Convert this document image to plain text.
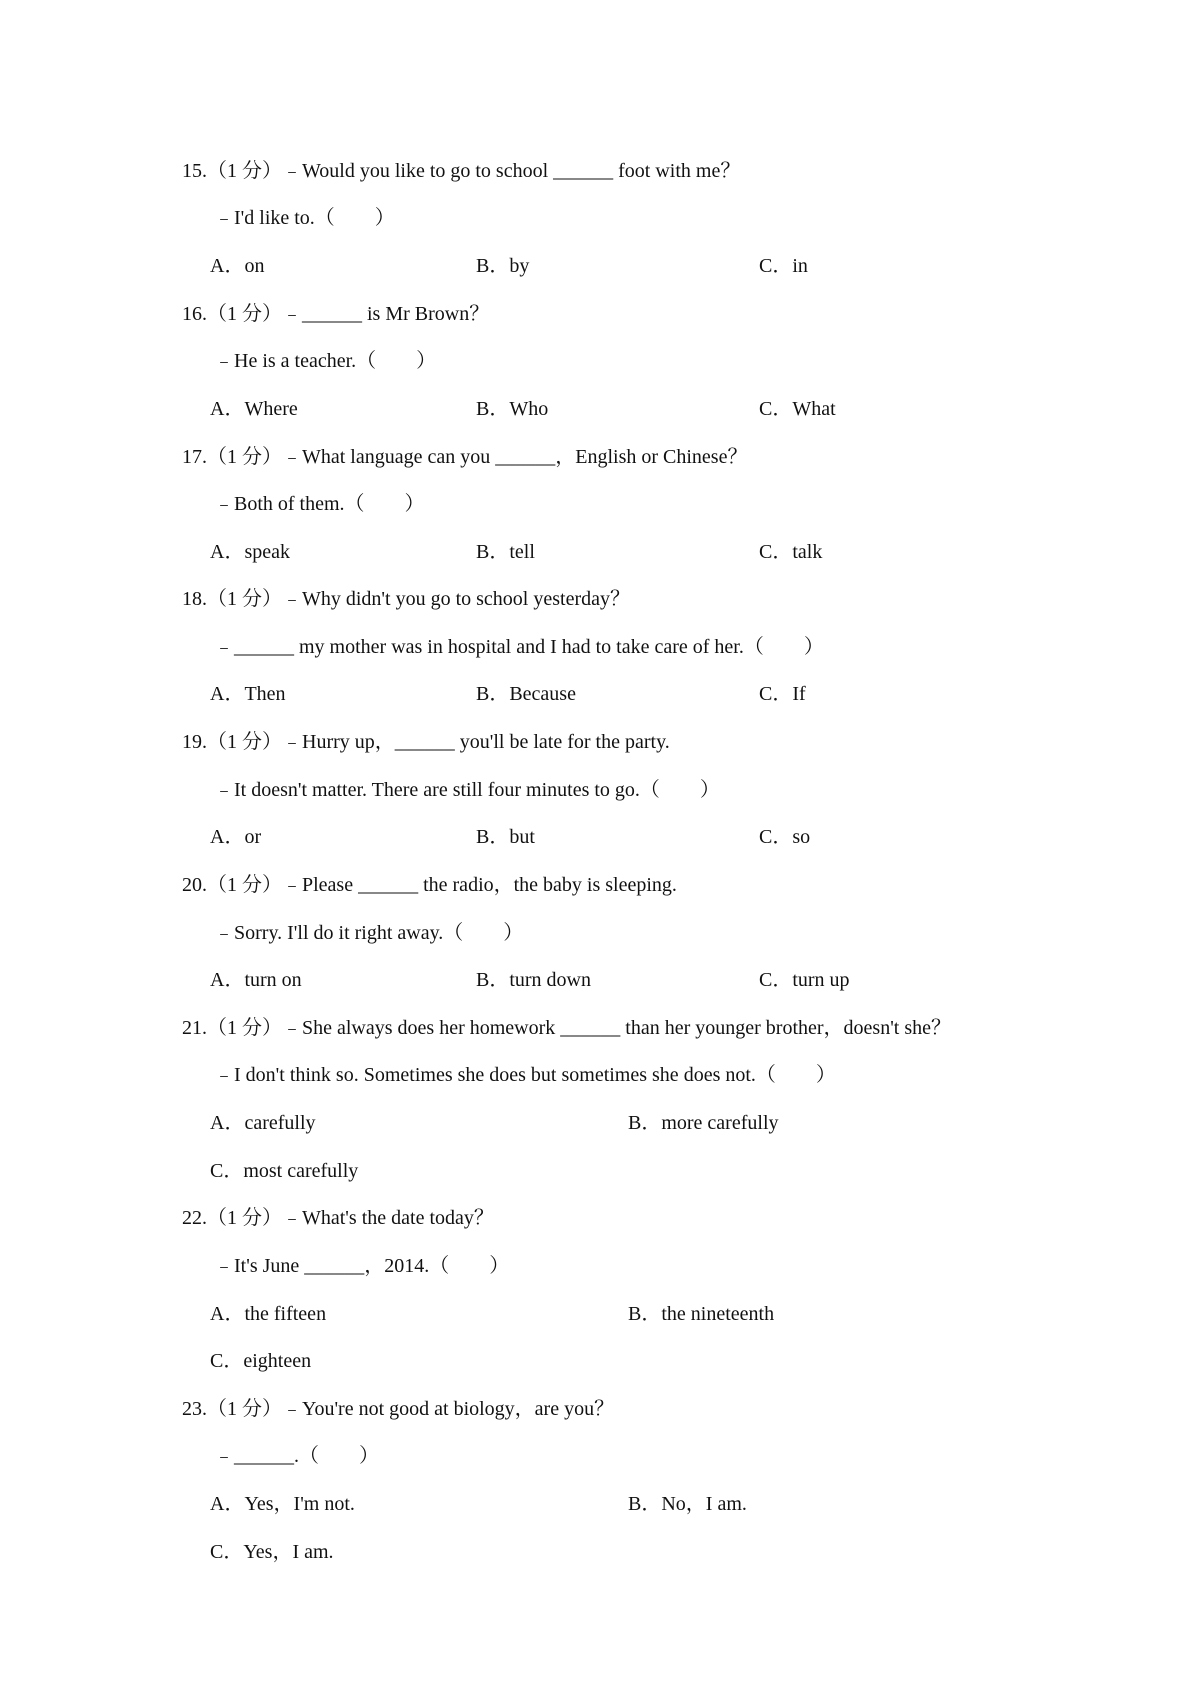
15.（1 分）﹣Would you like to go to school ______ foot with me？
﹣I'd like to.（　　）
A．on	B．by	C．in
16.（1 分）﹣______ is Mr Brown？
﹣He is a teacher.（　　）
A．Where	B．Who	C．What
17.（1 分）﹣What language can you ______，English or Chinese？
﹣Both of them.（　　）
A．speak	B．tell	C．talk
18.（1 分）﹣Why didn't you go to school yesterday？
﹣______ my mother was in hospital and I had to take care of her.（　　）
A．Then	B．Because	C．If
19.（1 分）﹣Hurry up，______ you'll be late for the party.
﹣It doesn't matter. There are still four minutes to go.（　　）
A．or	B．but	C．so
20.（1 分）﹣Please ______ the radio，the baby is sleeping.
﹣Sorry. I'll do it right away.（　　）
A．turn on	B．turn down	C．turn up
21.（1 分）﹣She always does her homework ______ than her younger brother，doesn't she？
﹣I don't think so. Sometimes she does but sometimes she does not.（　　）
A．carefully	B．more carefully
C．most carefully
22.（1 分）﹣What's the date today？
﹣It's June ______，2014.（　　）
A．the fifteen	B．the nineteenth
C．eighteen
23.（1 分）﹣You're not good at biology，are you？
﹣______.（　　）
A．Yes，I'm not.	B．No，I am.
C．Yes，I am.
